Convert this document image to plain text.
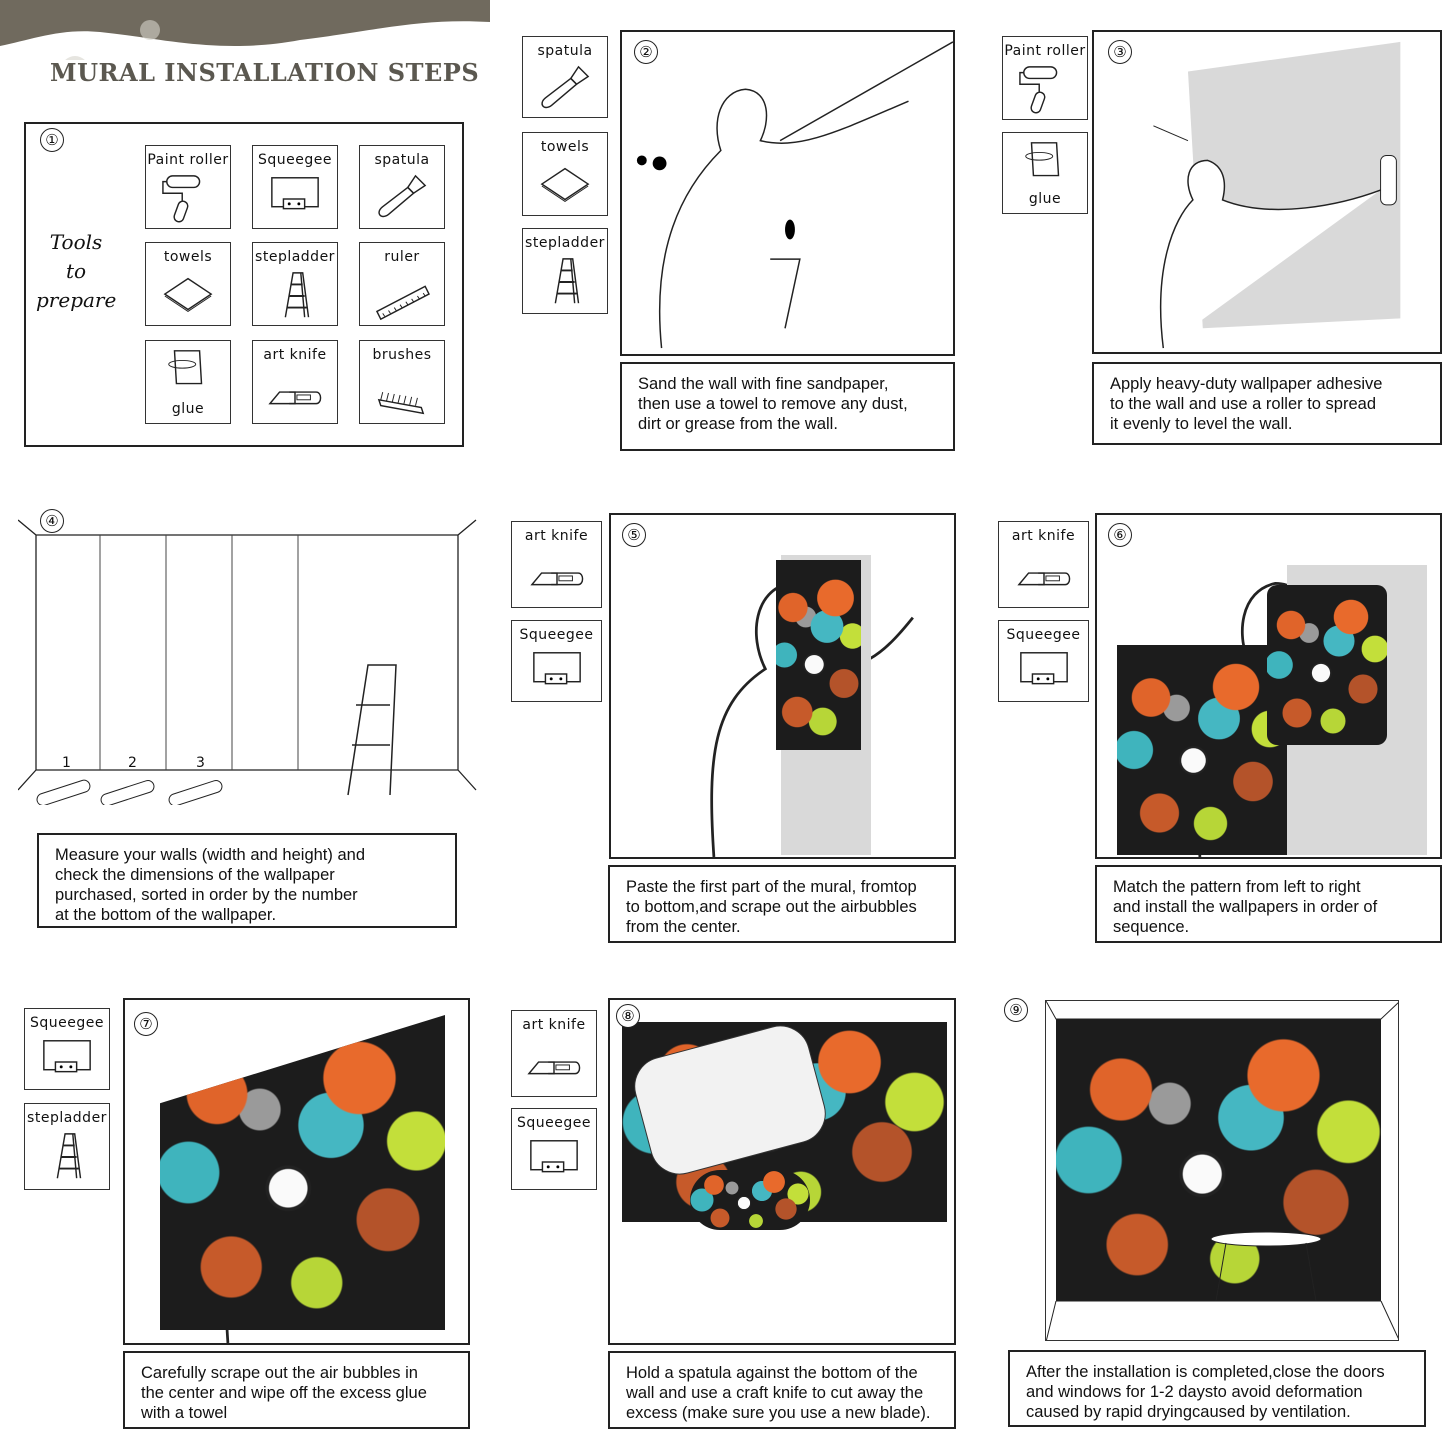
MURAL INSTALLATION STEPS
①
Tools
to
prepare
Paint roller	Squeegee	spatula
towels	stepladder	ruler
glue
art knife	brushes
spatula
towels
stepladder
②
Sand the wall with fine sandpaper,
then use a towel to remove any dust,
dirt or grease from the wall.
Paint roller
glue
③
Apply heavy-duty wallpaper adhesive
to the wall and use a roller to spread
it evenly to level the wall.
1	2	3
④
Measure your walls (width and height) and
check the dimensions of the wallpaper
purchased, sorted in order by the number
at the bottom of the wallpaper.
art knife
Squeegee
⑤
Paste the first part of the mural, fromtop
to bottom,and scrape out the airbubbles
from the center.
art knife
Squeegee
⑥
Match the pattern from left to right
and install the wallpapers in order of
sequence.
Squeegee
stepladder
⑦
Carefully scrape out the air bubbles in
the center and wipe off the excess glue
with a towel
art knife
Squeegee
⑧
Hold a spatula against the bottom of the
wall and use a craft knife to cut away the
excess (make sure you use a new blade).
⑨
After the installation is completed,close the doors
and windows for 1-2 daysto avoid deformation
caused by rapid dryingcaused by ventilation.
